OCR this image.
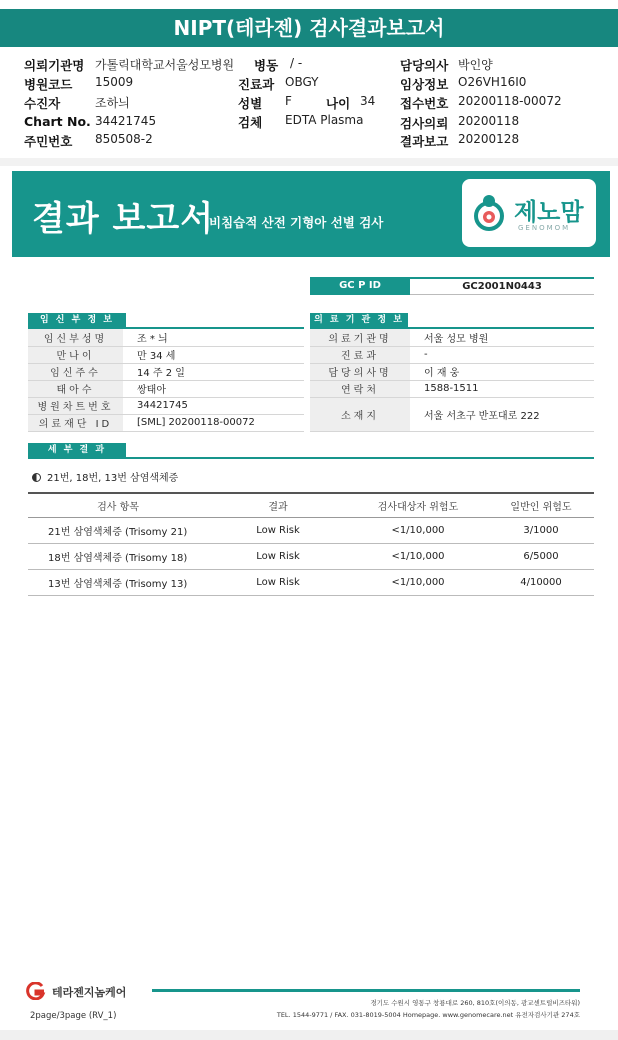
NIPT(테라젠) 검사결과보고서
의뢰기관명 가톨릭대학교서울성모병원 병동 / -	담당의사 박인양
병원코드 15009	진료과 OBGY	임상정보 O26VH16I0
수진자	조하늬	성별 F	나이 34 접수번호 20200118-00072
Chart No. 34421745	검체 EDTA Plasma	검사의뢰 20200118
주민번호 850508-2	결과보고 20200128
결과 보고서
비침습적 산전 기형아 선별 검사	제노맘
GENOMOM
GC P ID	GC2001N0443
임 신 부 정 보
임신부성명	조 * 늬
만나이	만 34 세
임신주수	14 주 2 일
태아수	쌍태아
병원차트번호	34421745
의료재단 ID	[SML] 20200118-00072
의 료 기 관 정 보
의료기관명	서울 성모 병원
진료과	-
담당의사명	이 재 웅
연락처	1588-1511
소재지	서울 서초구 반포대로 222
세 부 결 과
21번, 18번, 13번 삼염색체증
검사 항목	결과	검사대상자 위험도	일반인 위험도
21번 삼염색체증 (Trisomy 21)	Low Risk	<1/10,000	3/1000
18번 삼염색체증 (Trisomy 18)	Low Risk	<1/10,000	6/5000
13번 삼염색체증 (Trisomy 13)	Low Risk	<1/10,000	4/10000
테라젠지놈케어
경기도 수원시 영통구 창룡대로 260, 810호(이의동, 광교센트럴비즈타워)
TEL. 1544-9771 / FAX. 031-8019-5004 Homepage. www.genomecare.net 유전자검사기관 274호
2page/3page (RV_1)
